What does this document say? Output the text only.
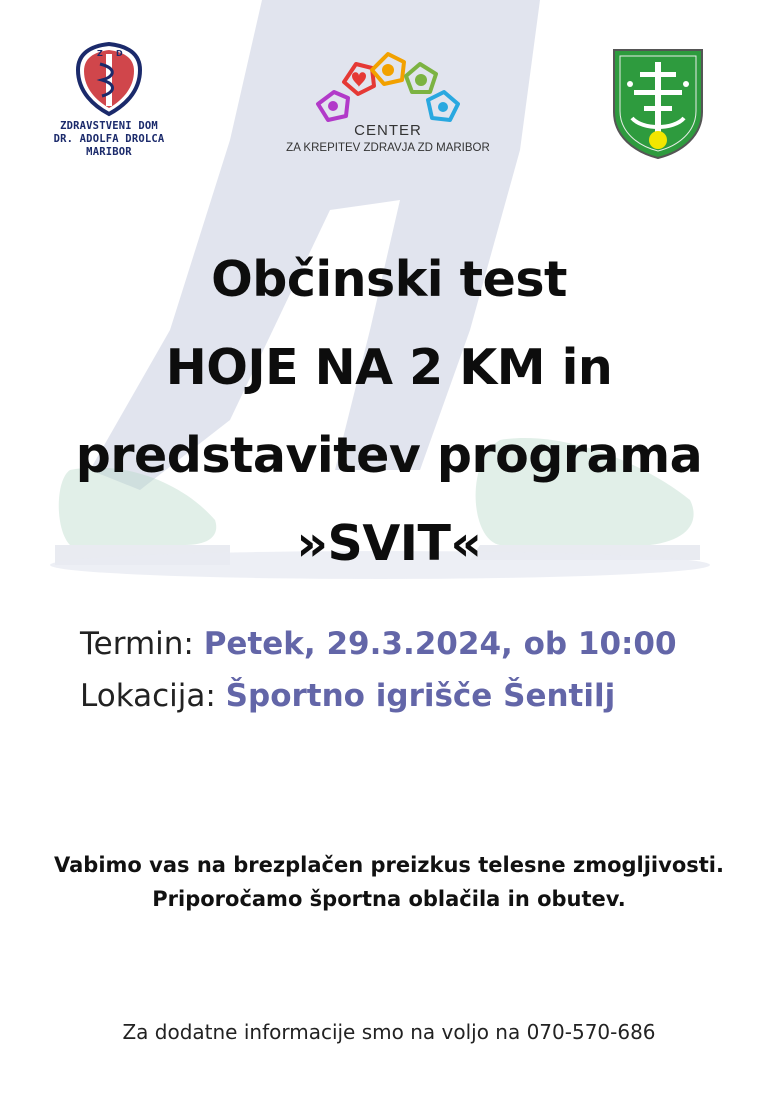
Z D
ZDRAVSTVENI DOM
DR. ADOLFA DROLCA
MARIBOR
CENTER
ZA KREPITEV ZDRAVJA ZD MARIBOR
Občinski test
HOJE NA 2 KM in
predstavitev programa
»SVIT«
Termin: Petek, 29.3.2024, ob 10:00
Lokacija: Športno igrišče Šentilj
Vabimo vas na brezplačen preizkus telesne zmogljivosti.
Priporočamo športna oblačila in obutev.
Za dodatne informacije smo na voljo na 070-570-686
